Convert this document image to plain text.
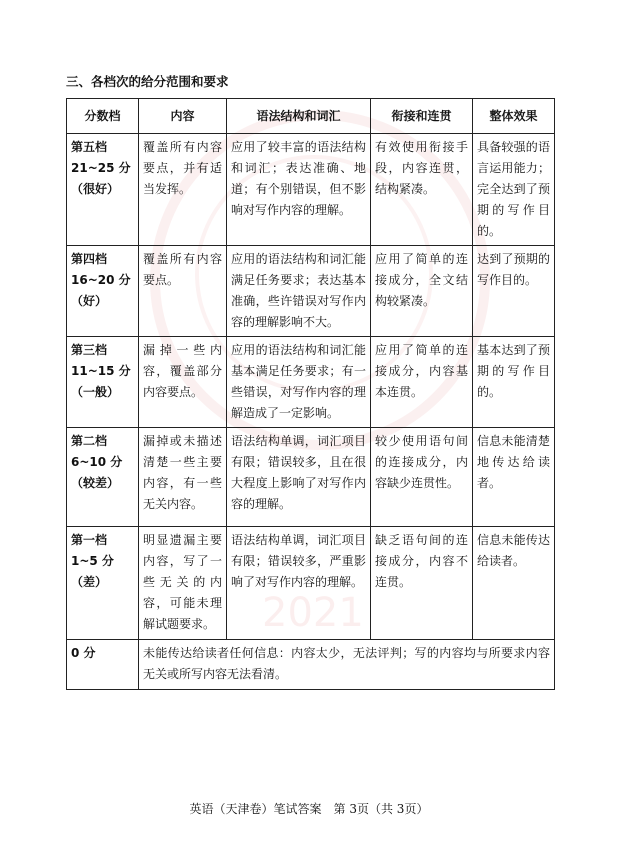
2021
三、各档次的给分范围和要求
分数档	内容	语法结构和词汇	衔接和连贯	整体效果

第五档
21~25 分
（很好）	覆盖所有内容要点，并有适当发挥。	应用了较丰富的语法结构和词汇；表达准确、地道；有个别错误，但不影响对写作内容的理解。	有效使用衔接手段，内容连贯，结构紧凑。	具备较强的语言运用能力；完全达到了预期的写作目的。

第四档
16~20 分
（好）	覆盖所有内容要点。	应用的语法结构和词汇能满足任务要求；表达基本准确，些许错误对写作内容的理解影响不大。	应用了简单的连接成分，全文结构较紧凑。	达到了预期的写作目的。

第三档
11~15 分
（一般）	漏掉一些内容，覆盖部分内容要点。	应用的语法结构和词汇能基本满足任务要求；有一些错误，对写作内容的理解造成了一定影响。	应用了简单的连接成分，内容基本连贯。	基本达到了预期的写作目的。

第二档
6~10 分
（较差）	漏掉或未描述清楚一些主要内容，有一些无关内容。	语法结构单调，词汇项目有限；错误较多，且在很大程度上影响了对写作内容的理解。	较少使用语句间的连接成分，内容缺少连贯性。	信息未能清楚地传达给读者。

第一档
1~5 分
（差）	明显遗漏主要内容，写了一些无关的内容，可能未理解试题要求。	语法结构单调，词汇项目有限；错误较多，严重影响了对写作内容的理解。	缺乏语句间的连接成分，内容不连贯。	信息未能传达给读者。
0 分	未能传达给读者任何信息：内容太少，无法评判；写的内容均与所要求内容无关或所写内容无法看清。			
英语（天津卷）笔试答案　第 3页（共 3页）
